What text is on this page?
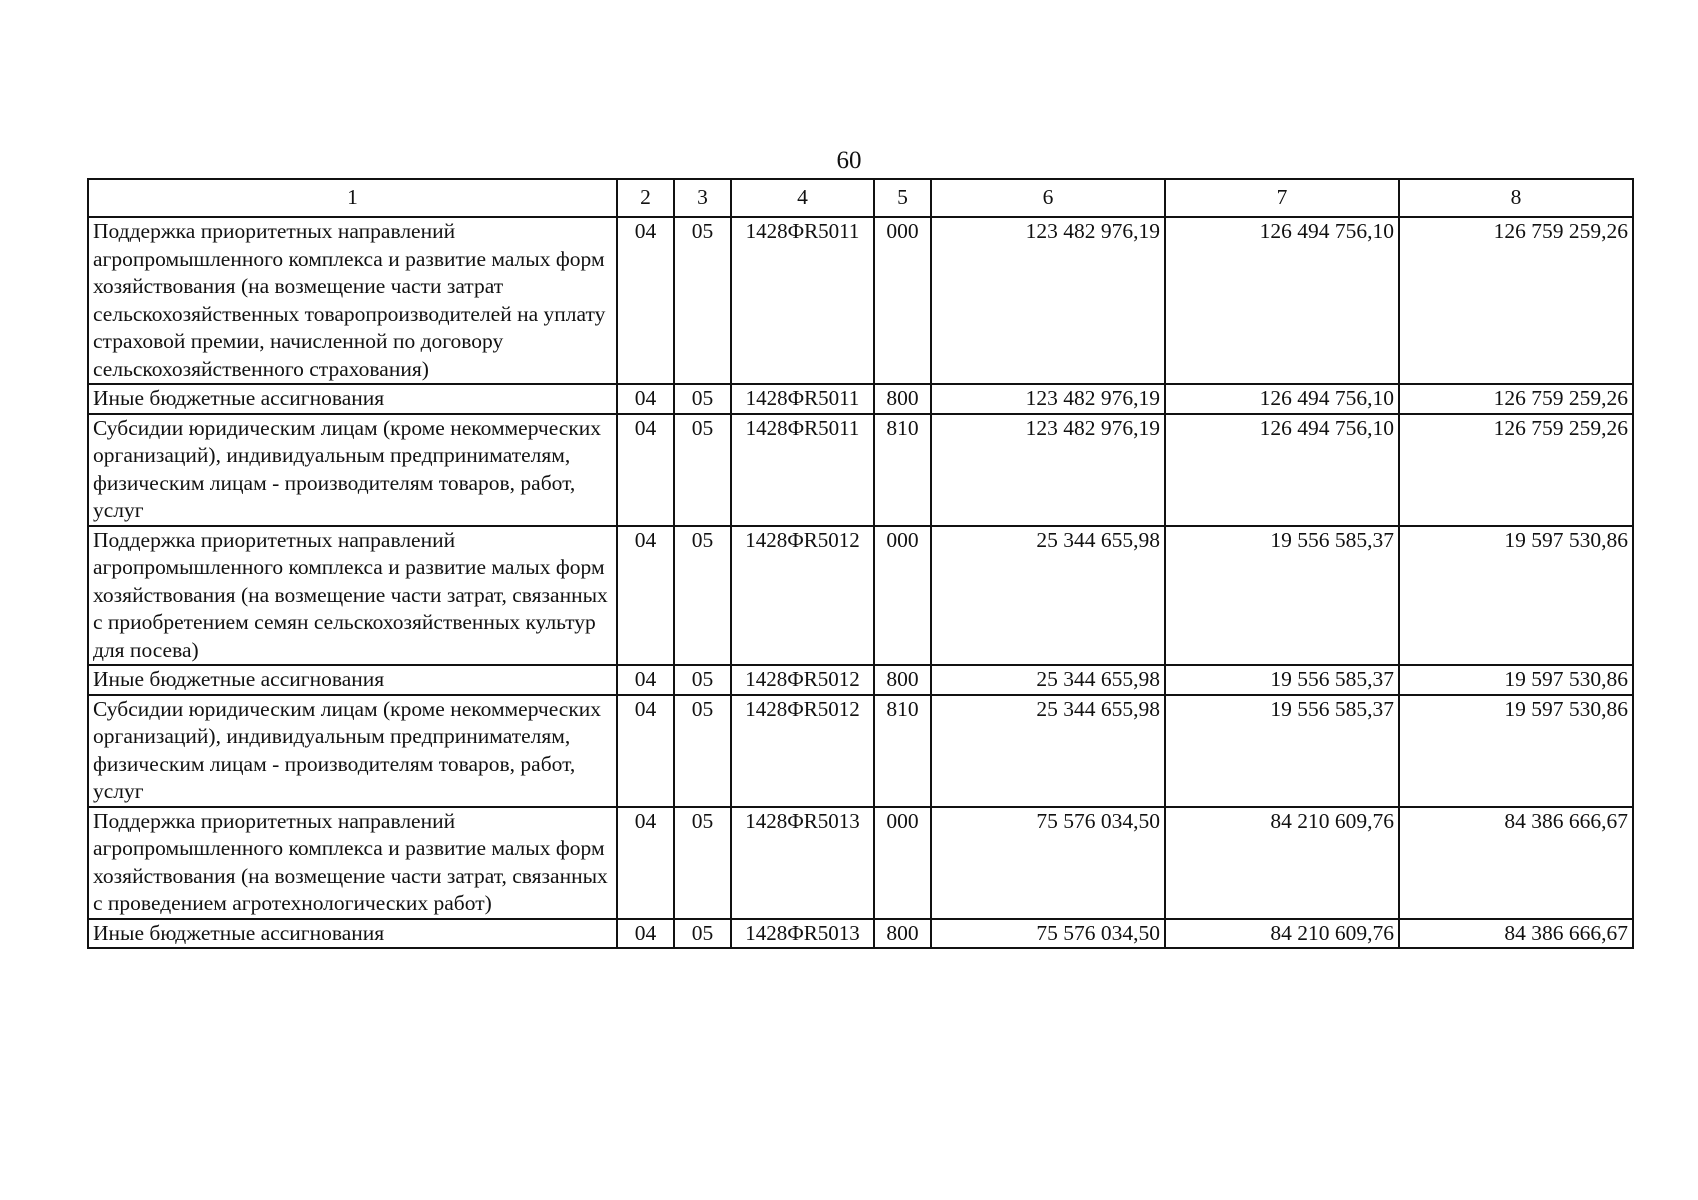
60
1	2	3	4	5	6	7	8
Поддержка приоритетных направлений агропромышленного комплекса и развитие малых форм хозяйствования (на возмещение части затрат сельскохозяйственных товаропроизводителей на уплату страховой премии, начисленной по договору сельскохозяйственного страхования)	04	05	1428ФR5011	000	123 482 976,19	126 494 756,10	126 759 259,26
Иные бюджетные ассигнования	04	05	1428ФR5011	800	123 482 976,19	126 494 756,10	126 759 259,26
Субсидии юридическим лицам (кроме некоммерческих организаций), индивидуальным предпринимателям, физическим лицам - производителям товаров, работ, услуг	04	05	1428ФR5011	810	123 482 976,19	126 494 756,10	126 759 259,26
Поддержка приоритетных направлений агропромышленного комплекса и развитие малых форм хозяйствования (на возмещение части затрат, связанных с приобретением семян сельскохозяйственных культур для посева)	04	05	1428ФR5012	000	25 344 655,98	19 556 585,37	19 597 530,86
Иные бюджетные ассигнования	04	05	1428ФR5012	800	25 344 655,98	19 556 585,37	19 597 530,86
Субсидии юридическим лицам (кроме некоммерческих организаций), индивидуальным предпринимателям, физическим лицам - производителям товаров, работ, услуг	04	05	1428ФR5012	810	25 344 655,98	19 556 585,37	19 597 530,86
Поддержка приоритетных направлений агропромышленного комплекса и развитие малых форм хозяйствования (на возмещение части затрат, связанных с проведением агротехнологических работ)	04	05	1428ФR5013	000	75 576 034,50	84 210 609,76	84 386 666,67
Иные бюджетные ассигнования	04	05	1428ФR5013	800	75 576 034,50	84 210 609,76	84 386 666,67
